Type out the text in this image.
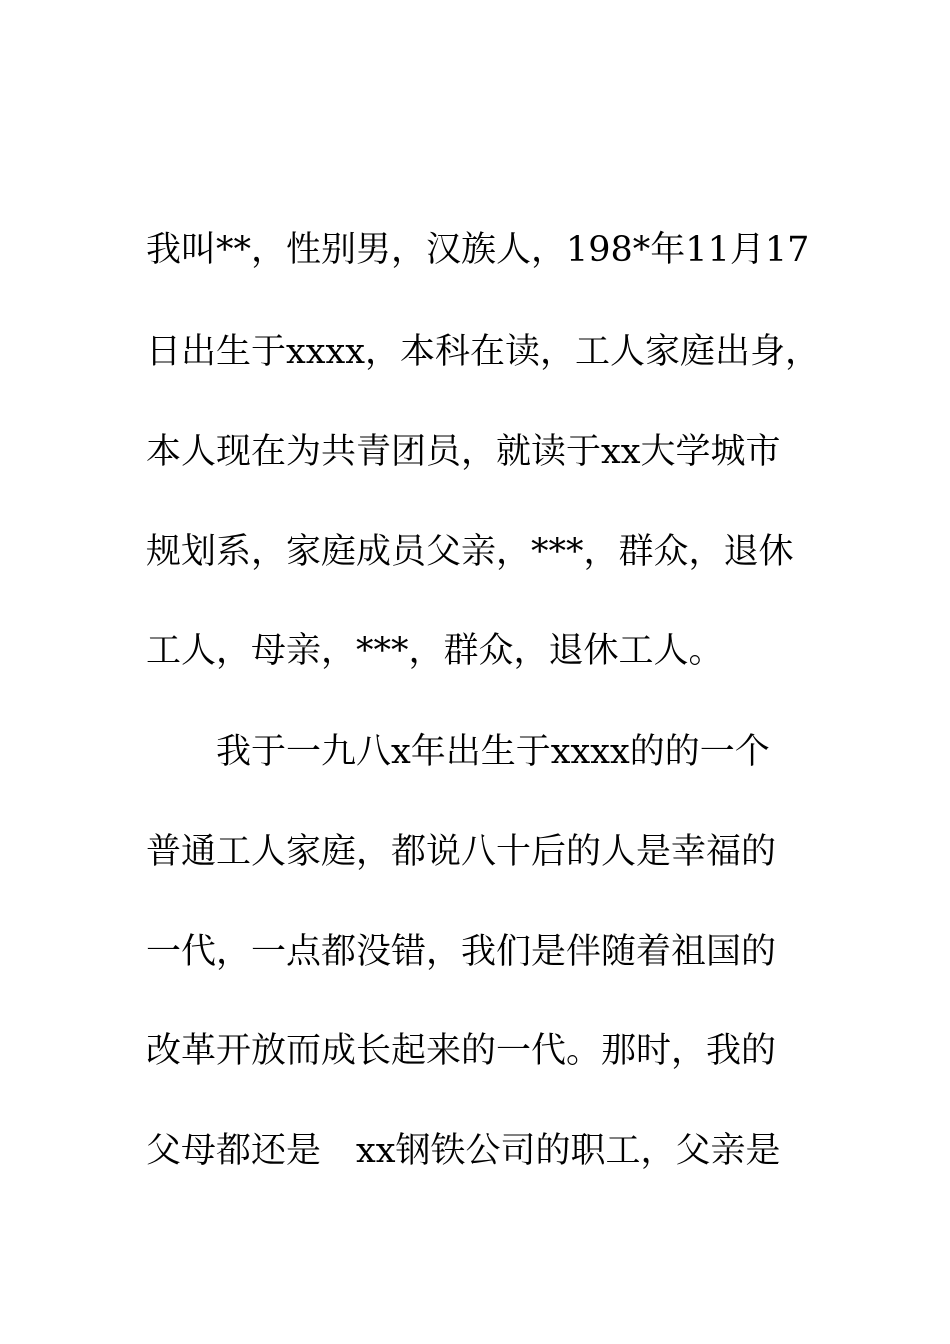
我叫**，性别男，汉族人，198*年11月17
日出生于xxxx，本科在读，工人家庭出身，
本人现在为共青团员，就读于xx大学城市
规划系，家庭成员父亲，***，群众，退休
工人，母亲，***，群众，退休工人。
我于一九八x年出生于xxxx的的一个
普通工人家庭，都说八十后的人是幸福的
一代，一点都没错，我们是伴随着祖国的
改革开放而成长起来的一代。那时，我的
父母都还是　xx钢铁公司的职工，父亲是
